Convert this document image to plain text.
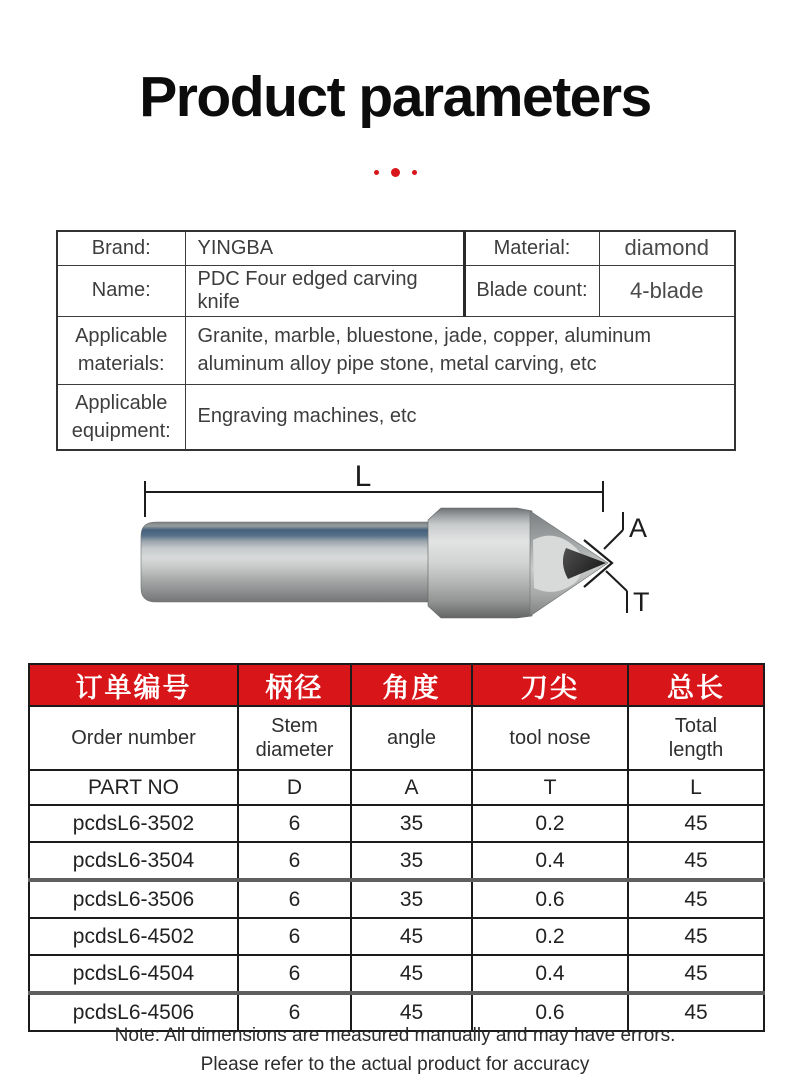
Product parameters
Brand:	YINGBA	Material:	diamond
Name:	PDC Four edged carving knife	Blade count:	4-blade
Applicable
materials:	Granite, marble, bluestone, jade, copper, aluminum
aluminum alloy pipe stone, metal carving, etc		
Applicable
equipment:	Engraving machines, etc		
L
A
T
订单编号	柄径	角度	刀尖	总长
Order number	Stem
diameter	angle	tool nose	Total
length
PART NO	D	A	T	L
pcdsL6-3502	6	35	0.2	45
pcdsL6-3504	6	35	0.4	45
pcdsL6-3506	6	35	0.6	45
pcdsL6-4502	6	45	0.2	45
pcdsL6-4504	6	45	0.4	45
pcdsL6-4506	6	45	0.6	45
Note: All dimensions are measured manually and may have errors.
Please refer to the actual product for accuracy
